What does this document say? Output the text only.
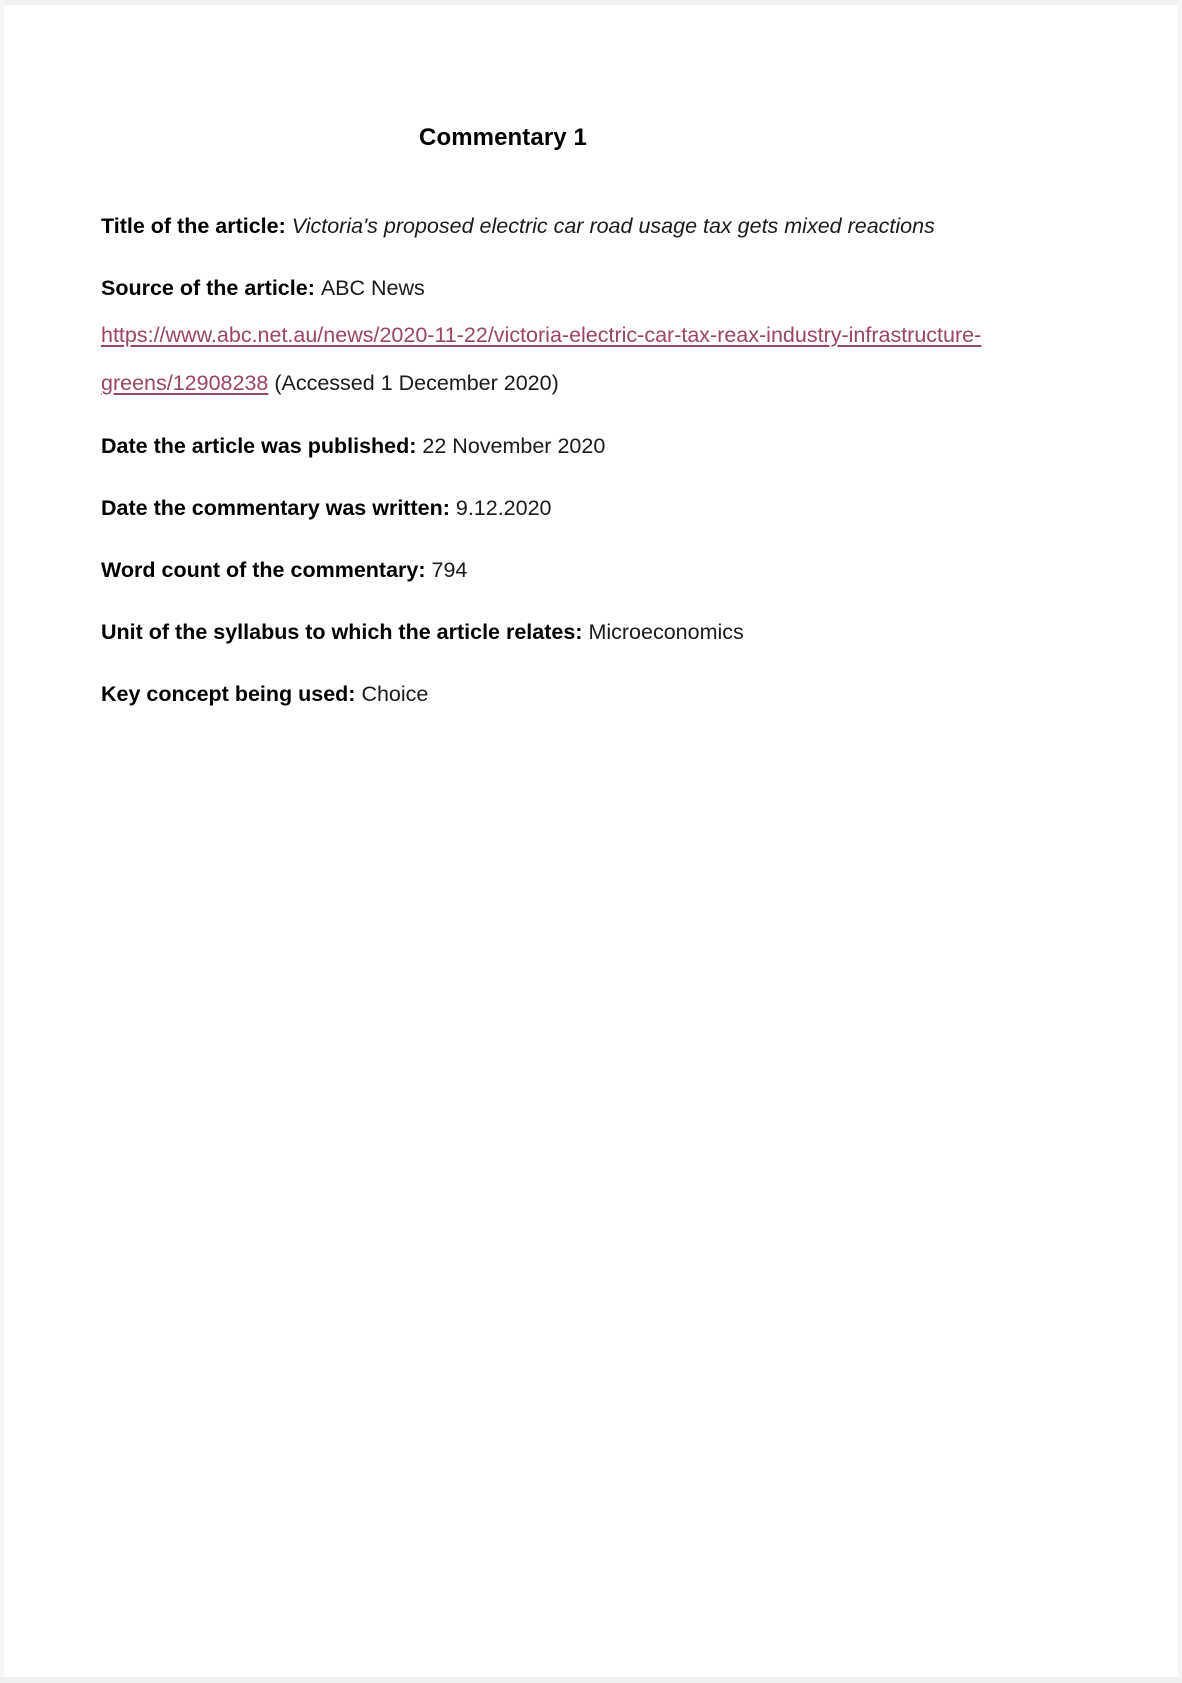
Commentary 1

Title of the article: Victoria's proposed electric car road usage tax gets mixed reactions

Source of the article: ABC News

https://www.abc.net.au/news/2020-11-22/victoria-electric-car-tax-reax-industry-infrastructure-greens/12908238 (Accessed 1 December 2020)

Date the article was published: 22 November 2020

Date the commentary was written: 9.12.2020

Word count of the commentary: 794

Unit of the syllabus to which the article relates: Microeconomics

Key concept being used: Choice
